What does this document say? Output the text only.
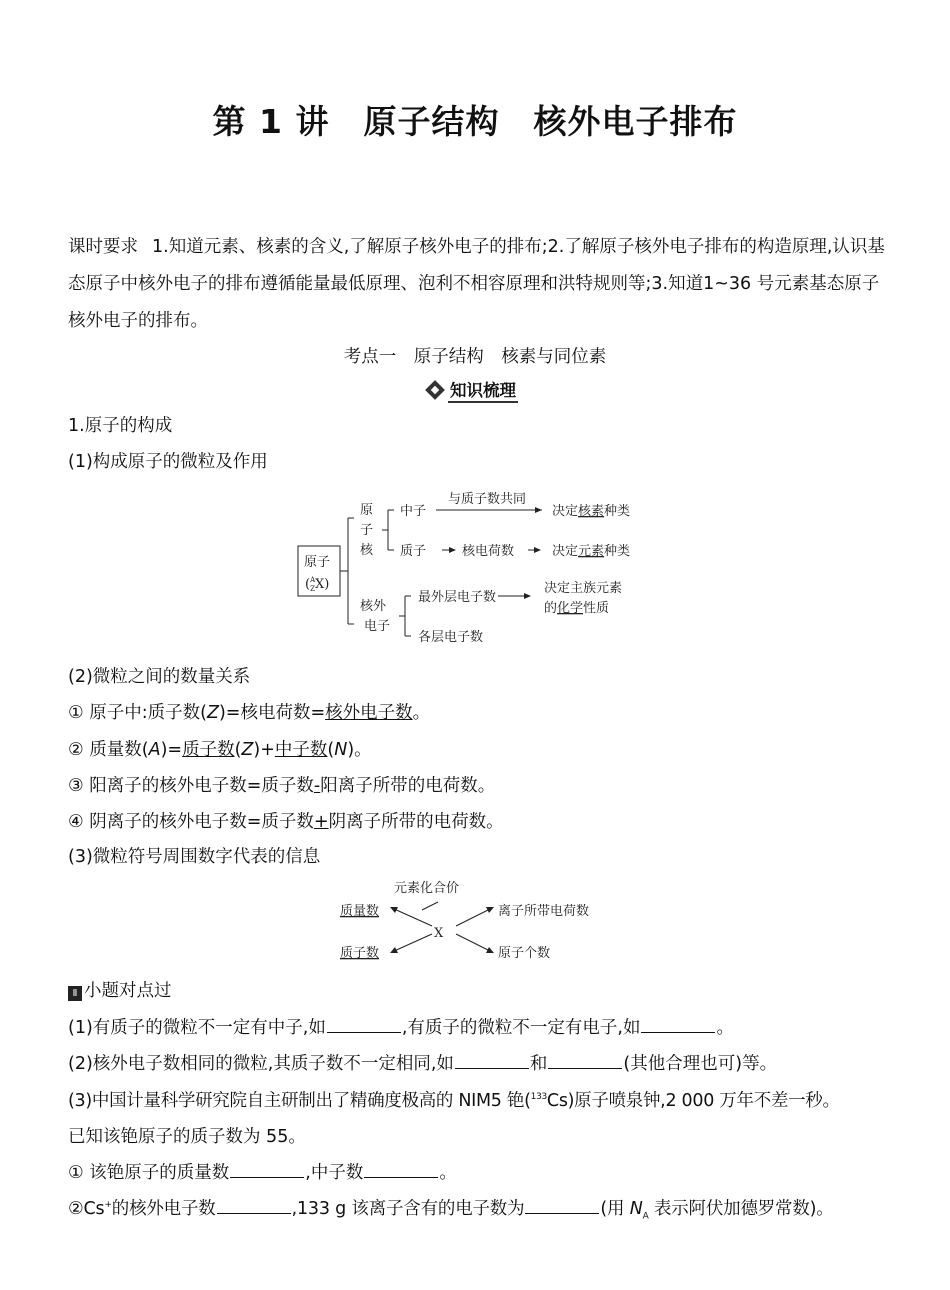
第 1 讲　原子结构　核外电子排布
课时要求 1.知道元素、核素的含义,了解原子核外电子的排布;2.了解原子核外电子排布的构造原理,认识基态原子中核外电子的排布遵循能量最低原理、泡利不相容原理和洪特规则等;3.知道1~36 号元素基态原子核外电子的排布。
考点一　原子结构　核素与同位素
知识梳理
1.原子的构成
(1)构成原子的微粒及作用
原子
($^A$ ZX)
原
子
核
中子
与质子数共同
决定核素种类
质子	核电荷数	决定元素种类
核外
电子
最外层电子数
决定主族元素
的化学性质
各层电子数
(2)微粒之间的数量关系
① 原子中:质子数(Z)=核电荷数=核外电子数。
② 质量数(A)=质子数(Z)+中子数(N)。
③ 阳离子的核外电子数=质子数-阳离子所带的电荷数。
④ 阴离子的核外电子数=质子数+阴离子所带的电荷数。
(3)微粒符号周围数字代表的信息
元素化合价
质量数
质子数
离子所带电荷数
原子个数
X
Ⅱ 小题对点过
(1)有质子的微粒不一定有中子,如	,有质子的微粒不一定有电子,如	。
(2)核外电子数相同的微粒,其质子数不一定相同,如	和	(其他合理也可)等。
(3)中国计量科学研究院自主研制出了精确度极高的 NIM5 铯($^{133}$Cs)原子喷泉钟,2 000 万年不差一秒。
已知该铯原子的质子数为 55。
① 该铯原子的质量数	,中子数	。
②Cs+的核外电子数	,133 g 该离子含有的电子数为	(用 $N_A$ 表示阿伏加德罗常数)。
